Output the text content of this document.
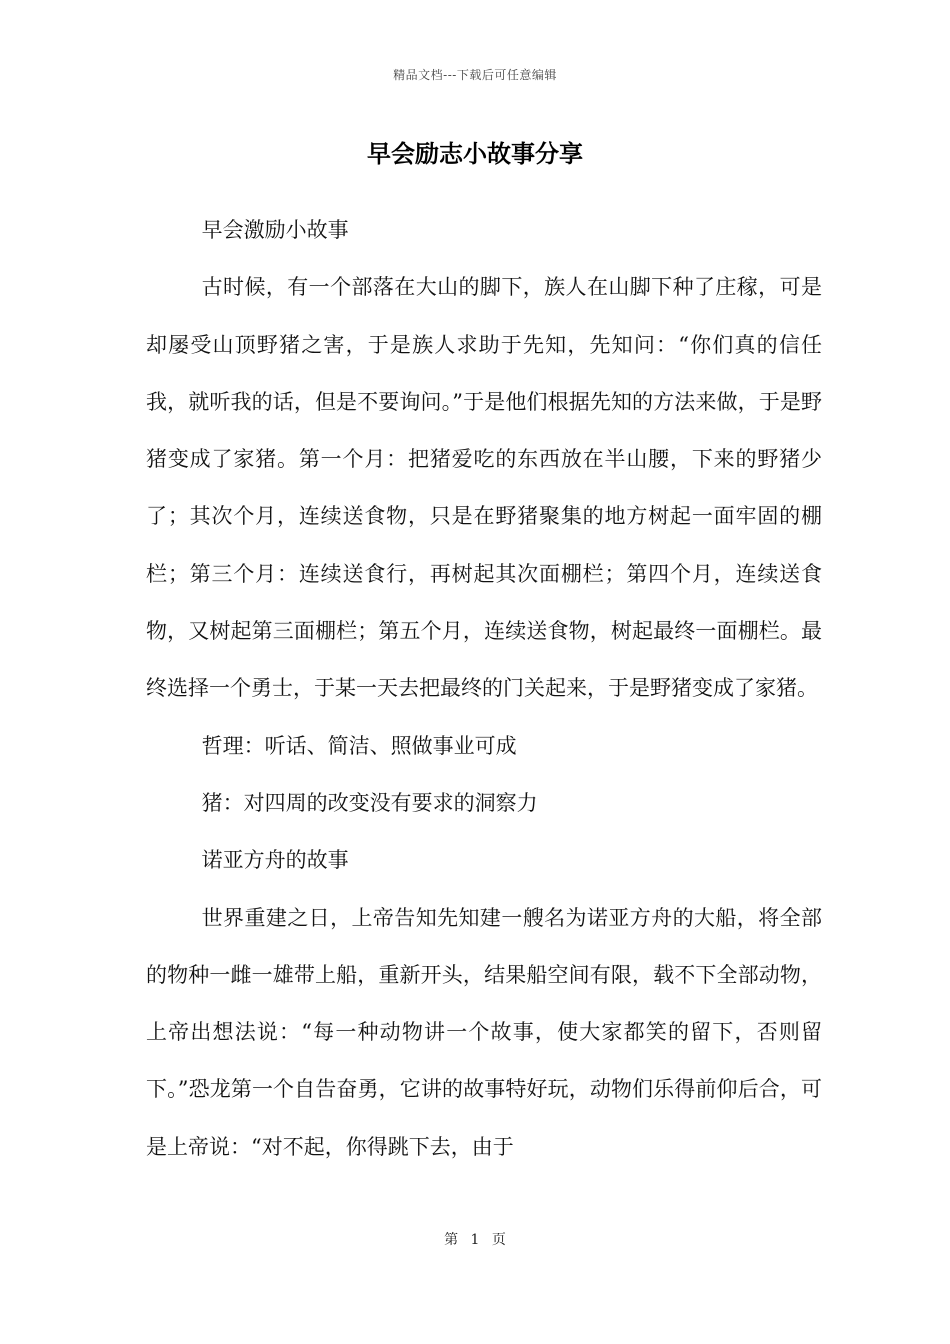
精品文档---下载后可任意编辑
早会励志小故事分享

早会激励小故事

古时候，有一个部落在大山的脚下，族人在山脚下种了庄稼，可是却屡受山顶野猪之害，于是族人求助于先知，先知问：“你们真的信任我，就听我的话，但是不要询问。”于是他们根据先知的方法来做，于是野猪变成了家猪。第一个月：把猪爱吃的东西放在半山腰，下来的野猪少了；其次个月，连续送食物，只是在野猪聚集的地方树起一面牢固的棚栏；第三个月：连续送食行，再树起其次面棚栏；第四个月，连续送食物，又树起第三面棚栏；第五个月，连续送食物，树起最终一面棚栏。最终选择一个勇士，于某一天去把最终的门关起来，于是野猪变成了家猪。

哲理：听话、简洁、照做事业可成

猪：对四周的改变没有要求的洞察力

诺亚方舟的故事

世界重建之日，上帝告知先知建一艘名为诺亚方舟的大船，将全部的物种一雌一雄带上船，重新开头，结果船空间有限，载不下全部动物，上帝出想法说：“每一种动物讲一个故事，使大家都笑的留下，否则留下。”恐龙第一个自告奋勇，它讲的故事特好玩，动物们乐得前仰后合，可是上帝说：“对不起，你得跳下去，由于

第 1 页
